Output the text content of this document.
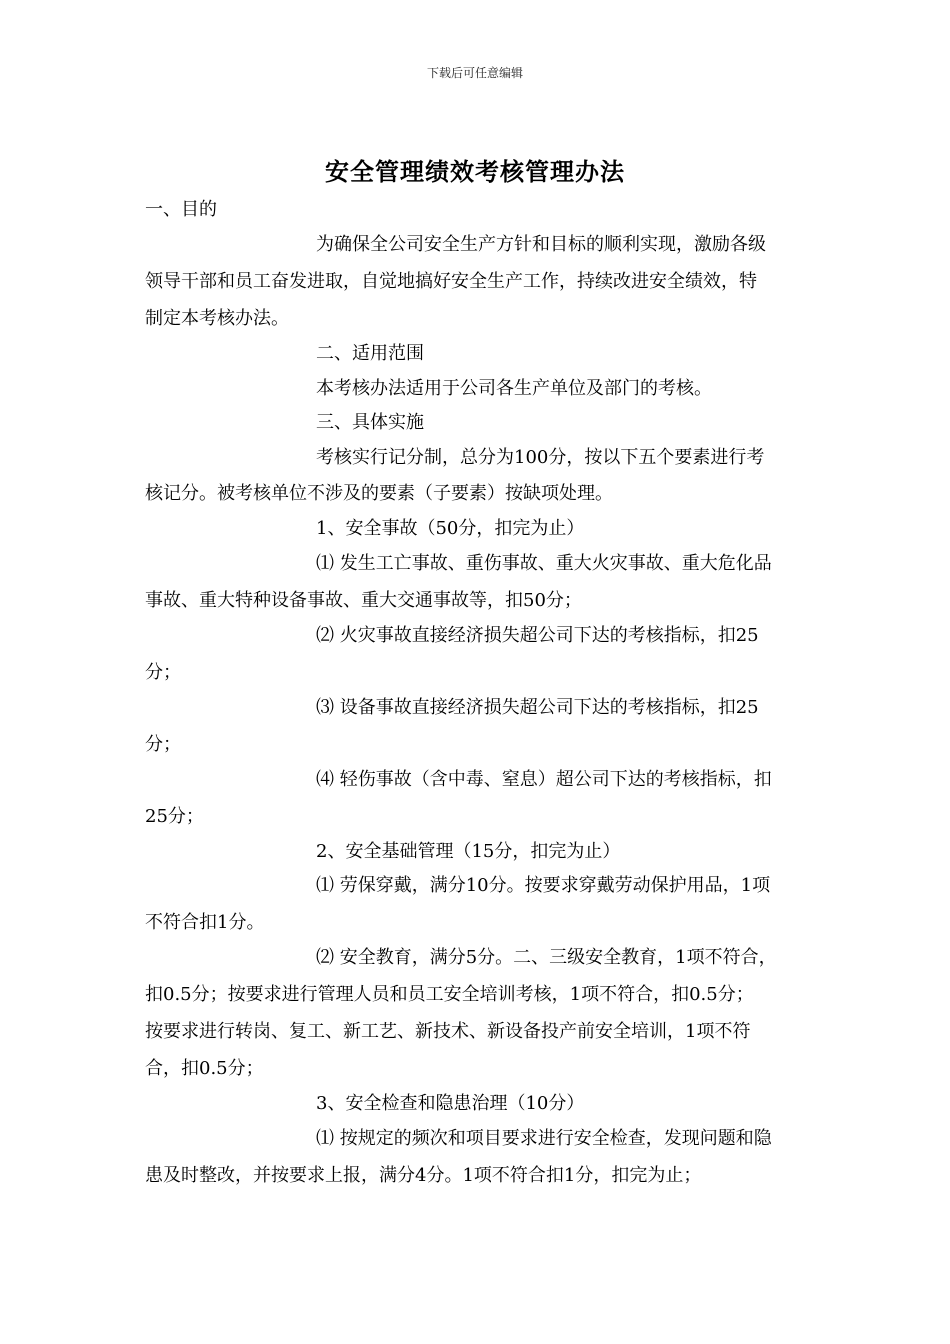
下载后可任意编辑
安全管理绩效考核管理办法
一、目的
为确保全公司安全生产方针和目标的顺利实现，激励各级
领导干部和员工奋发进取，自觉地搞好安全生产工作，持续改进安全绩效，特
制定本考核办法。
二、适用范围
本考核办法适用于公司各生产单位及部门的考核。
三、具体实施
考核实行记分制，总分为100分，按以下五个要素进行考
核记分。被考核单位不涉及的要素（子要素）按缺项处理。
1、安全事故（50分，扣完为止）
⑴ 发生工亡事故、重伤事故、重大火灾事故、重大危化品
事故、重大特种设备事故、重大交通事故等，扣50分；
⑵ 火灾事故直接经济损失超公司下达的考核指标，扣25
分；
⑶ 设备事故直接经济损失超公司下达的考核指标，扣25
分；
⑷ 轻伤事故（含中毒、窒息）超公司下达的考核指标，扣
25分；
2、安全基础管理（15分，扣完为止）
⑴ 劳保穿戴，满分10分。按要求穿戴劳动保护用品，1项
不符合扣1分。
⑵ 安全教育，满分5分。二、三级安全教育，1项不符合，
扣0.5分；按要求进行管理人员和员工安全培训考核，1项不符合，扣0.5分；
按要求进行转岗、复工、新工艺、新技术、新设备投产前安全培训，1项不符
合，扣0.5分；
3、安全检查和隐患治理（10分）
⑴ 按规定的频次和项目要求进行安全检查，发现问题和隐
患及时整改，并按要求上报，满分4分。1项不符合扣1分，扣完为止；
